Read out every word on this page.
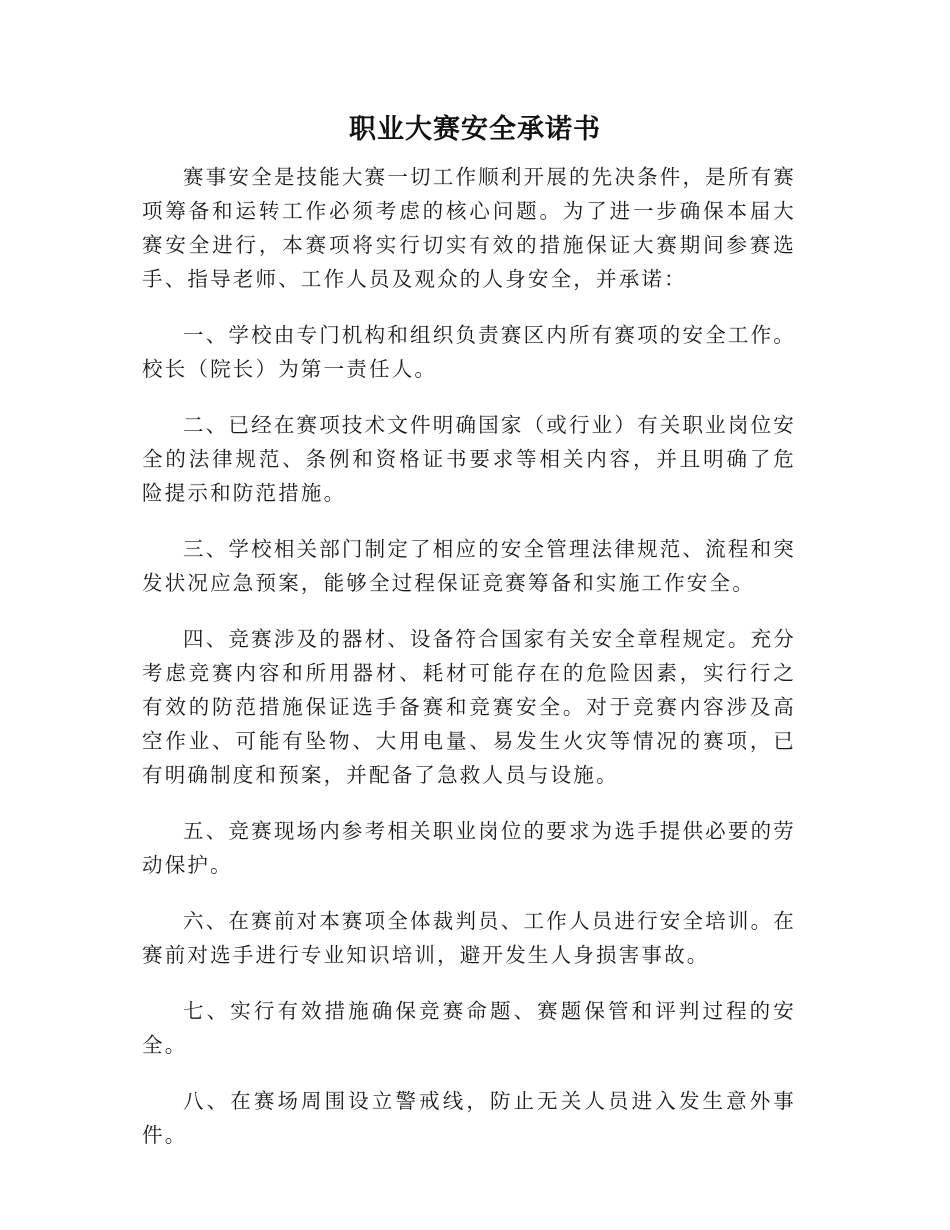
职业大赛安全承诺书

赛事安全是技能大赛一切工作顺利开展的先决条件，是所有赛项筹备和运转工作必须考虑的核心问题。为了进一步确保本届大赛安全进行，本赛项将实行切实有效的措施保证大赛期间参赛选手、指导老师、工作人员及观众的人身安全，并承诺：

一、学校由专门机构和组织负责赛区内所有赛项的安全工作。校长（院长）为第一责任人。

二、已经在赛项技术文件明确国家（或行业）有关职业岗位安全的法律规范、条例和资格证书要求等相关内容，并且明确了危险提示和防范措施。

三、学校相关部门制定了相应的安全管理法律规范、流程和突发状况应急预案，能够全过程保证竞赛筹备和实施工作安全。

四、竞赛涉及的器材、设备符合国家有关安全章程规定。充分考虑竞赛内容和所用器材、耗材可能存在的危险因素，实行行之有效的防范措施保证选手备赛和竞赛安全。对于竞赛内容涉及高空作业、可能有坠物、大用电量、易发生火灾等情况的赛项，已有明确制度和预案，并配备了急救人员与设施。

五、竞赛现场内参考相关职业岗位的要求为选手提供必要的劳动保护。

六、在赛前对本赛项全体裁判员、工作人员进行安全培训。在赛前对选手进行专业知识培训，避开发生人身损害事故。

七、实行有效措施确保竞赛命题、赛题保管和评判过程的安全。

八、在赛场周围设立警戒线，防止无关人员进入发生意外事件。
